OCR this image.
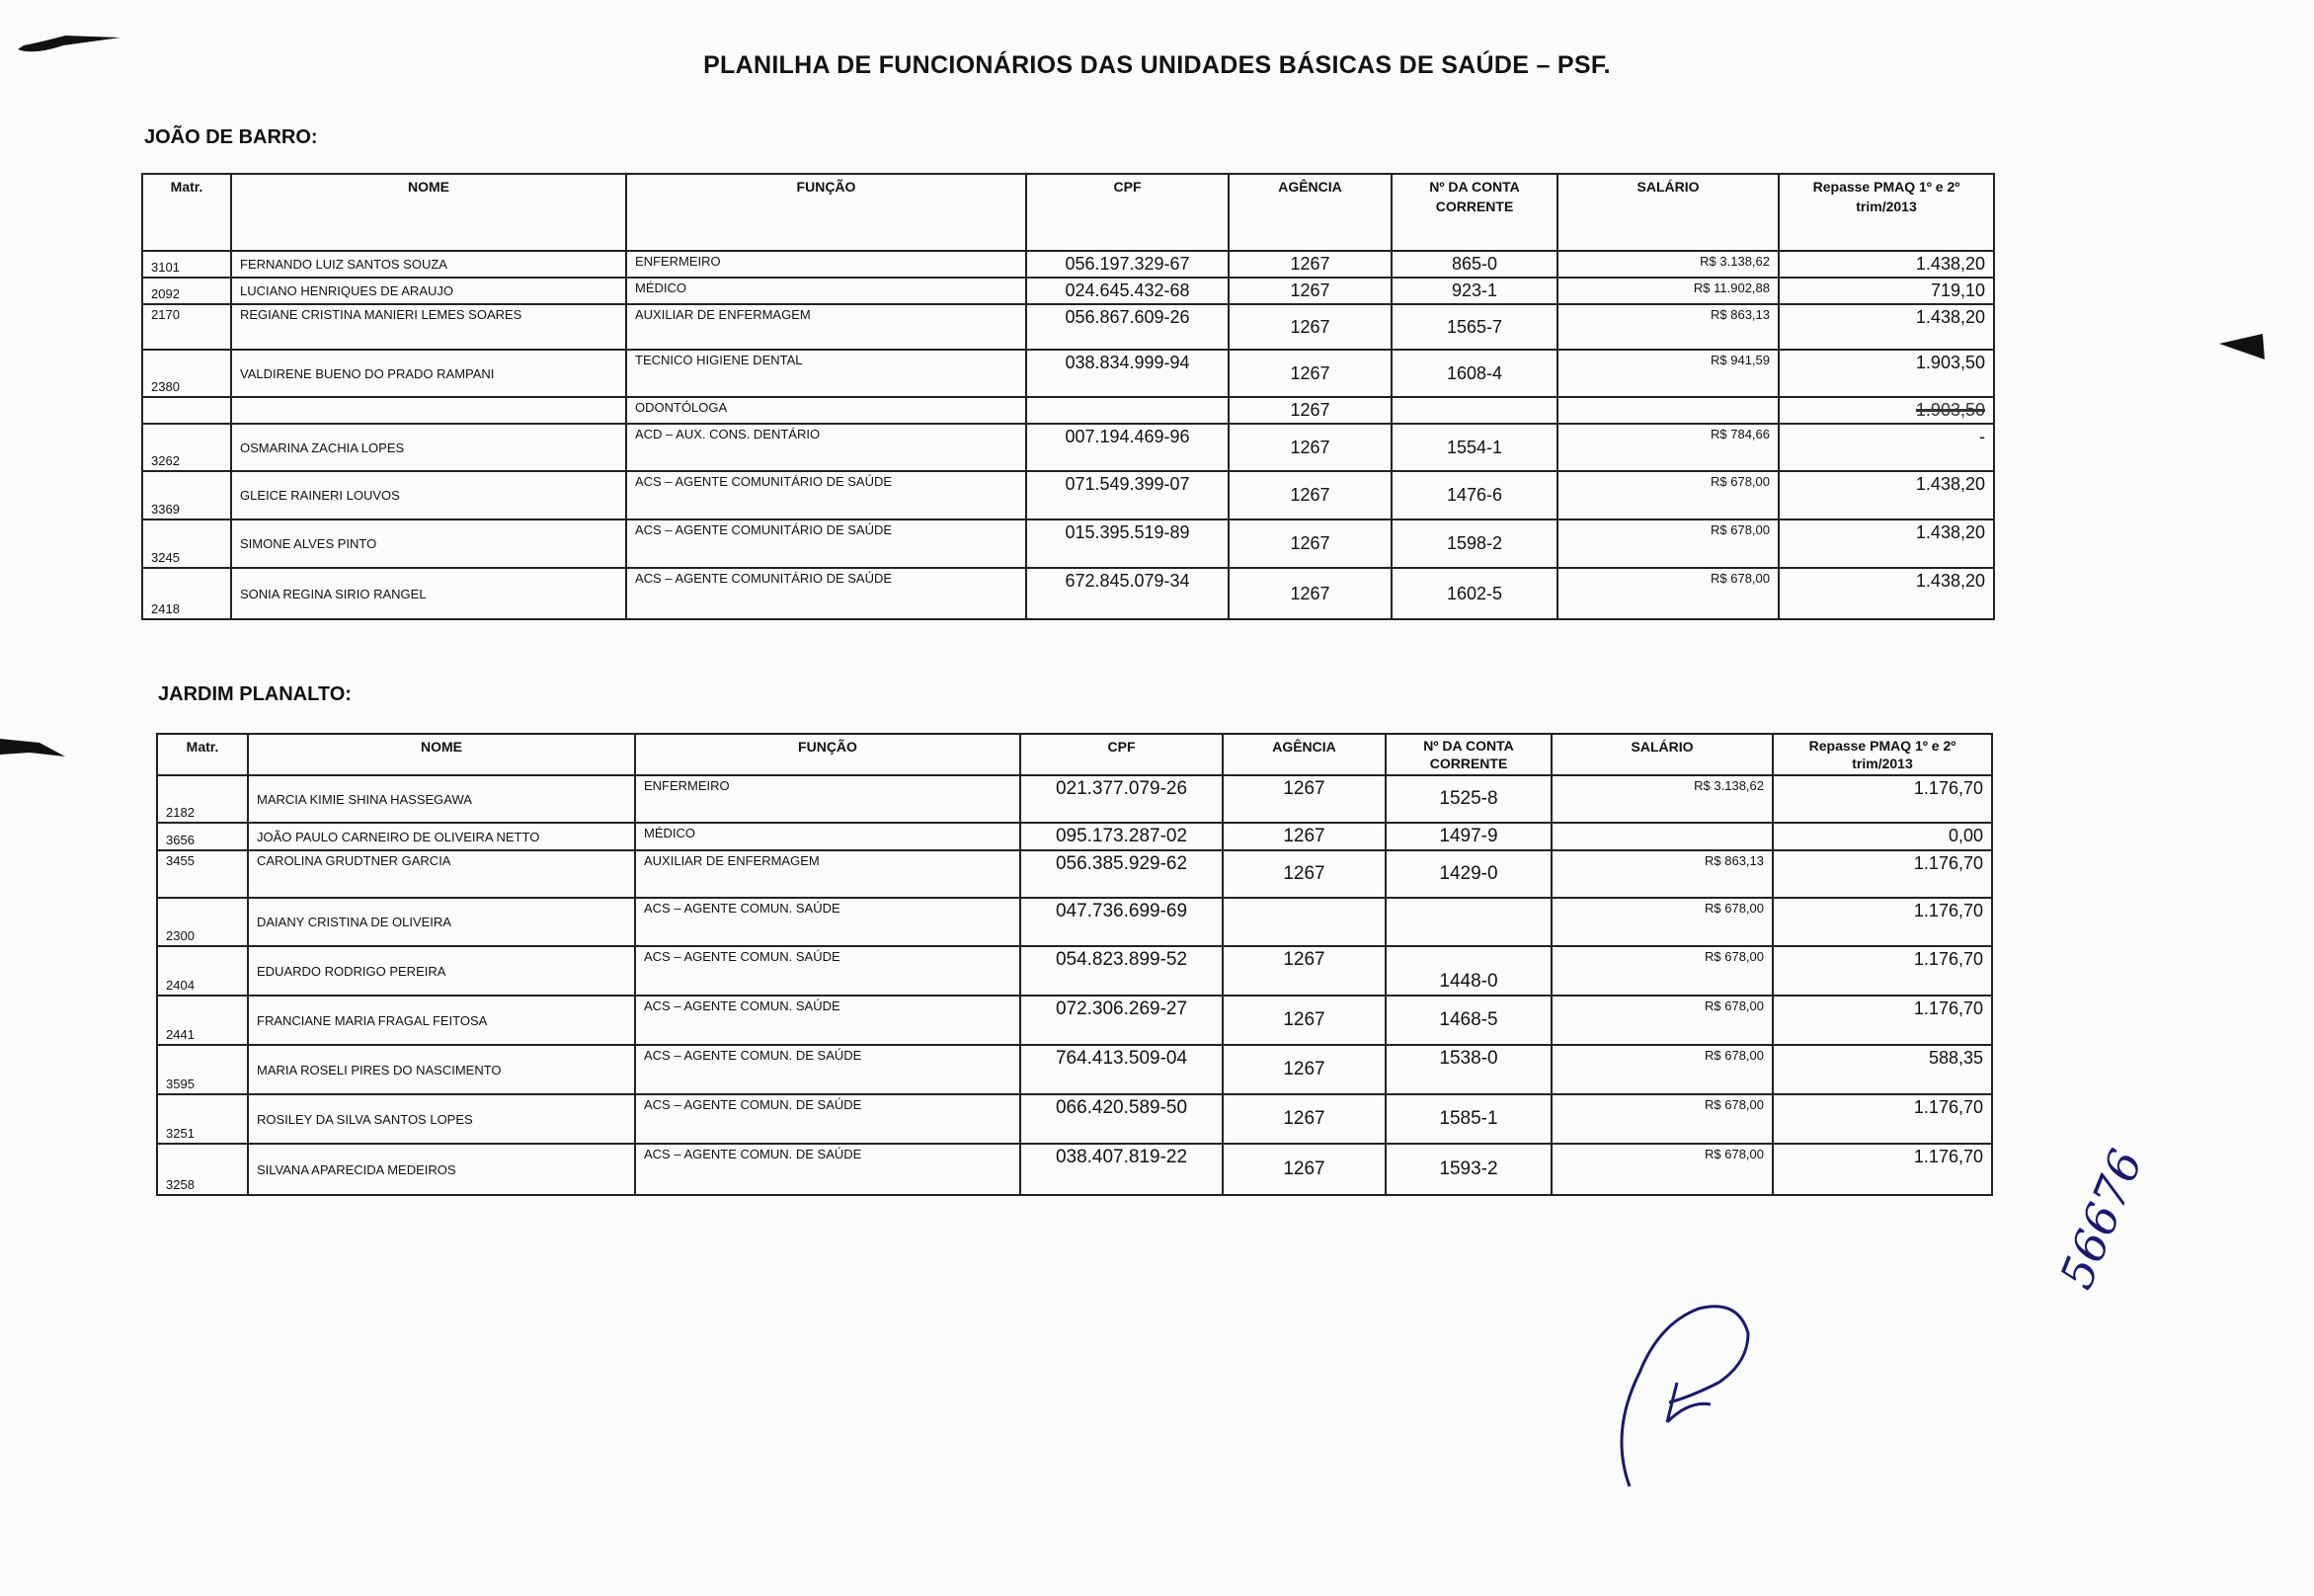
PLANILHA DE FUNCIONÁRIOS DAS UNIDADES BÁSICAS DE SAÚDE – PSF.
JOÃO DE BARRO:
Matr.	NOME	FUNÇÃO	CPF	AGÊNCIA	Nº DA CONTA CORRENTE	SALÁRIO	Repasse PMAQ 1º e 2º trim/2013
3101	FERNANDO LUIZ SANTOS SOUZA	ENFERMEIRO	056.197.329-67	1267	865-0	R$ 3.138,62	1.438,20
2092	LUCIANO HENRIQUES DE ARAUJO	MÉDICO	024.645.432-68	1267	923-1	R$ 11.902,88	719,10
2170	REGIANE CRISTINA MANIERI LEMES SOARES	AUXILIAR DE ENFERMAGEM	056.867.609-26	1267	1565-7	R$ 863,13	1.438,20
2380	VALDIRENE BUENO DO PRADO RAMPANI	TECNICO HIGIENE DENTAL	038.834.999-94	1267	1608-4	R$ 941,59	1.903,50
		ODONTÓLOGA		1267			1.903,50
3262	OSMARINA ZACHIA LOPES	ACD – AUX. CONS. DENTÁRIO	007.194.469-96	1267	1554-1	R$ 784,66	-
3369	GLEICE RAINERI LOUVOS	ACS – AGENTE COMUNITÁRIO DE SAÚDE	071.549.399-07	1267	1476-6	R$ 678,00	1.438,20
3245	SIMONE ALVES PINTO	ACS – AGENTE COMUNITÁRIO DE SAÚDE	015.395.519-89	1267	1598-2	R$ 678,00	1.438,20
2418	SONIA REGINA SIRIO RANGEL	ACS – AGENTE COMUNITÁRIO DE SAÚDE	672.845.079-34	1267	1602-5	R$ 678,00	1.438,20
JARDIM PLANALTO:
Matr.	NOME	FUNÇÃO	CPF	AGÊNCIA	Nº DA CONTA CORRENTE	SALÁRIO	Repasse PMAQ 1º e 2º trim/2013
2182	MARCIA KIMIE SHINA HASSEGAWA	ENFERMEIRO	021.377.079-26	1267	1525-8	R$ 3.138,62	1.176,70
3656	JOÃO PAULO CARNEIRO DE OLIVEIRA NETTO	MÉDICO	095.173.287-02	1267	1497-9		0,00
3455	CAROLINA GRUDTNER GARCIA	AUXILIAR DE ENFERMAGEM	056.385.929-62	1267	1429-0	R$ 863,13	1.176,70
2300	DAIANY CRISTINA DE OLIVEIRA	ACS – AGENTE COMUN. SAÚDE	047.736.699-69			R$ 678,00	1.176,70
2404	EDUARDO RODRIGO PEREIRA	ACS – AGENTE COMUN. SAÚDE	054.823.899-52	1267	1448-0	R$ 678,00	1.176,70
2441	FRANCIANE MARIA FRAGAL FEITOSA	ACS – AGENTE COMUN. SAÚDE	072.306.269-27	1267	1468-5	R$ 678,00	1.176,70
3595	MARIA ROSELI PIRES DO NASCIMENTO	ACS – AGENTE COMUN. DE SAÚDE	764.413.509-04	1267	1538-0	R$ 678,00	588,35
3251	ROSILEY DA SILVA SANTOS LOPES	ACS – AGENTE COMUN. DE SAÚDE	066.420.589-50	1267	1585-1	R$ 678,00	1.176,70
3258	SILVANA APARECIDA MEDEIROS	ACS – AGENTE COMUN. DE SAÚDE	038.407.819-22	1267	1593-2	R$ 678,00	1.176,70 56676
